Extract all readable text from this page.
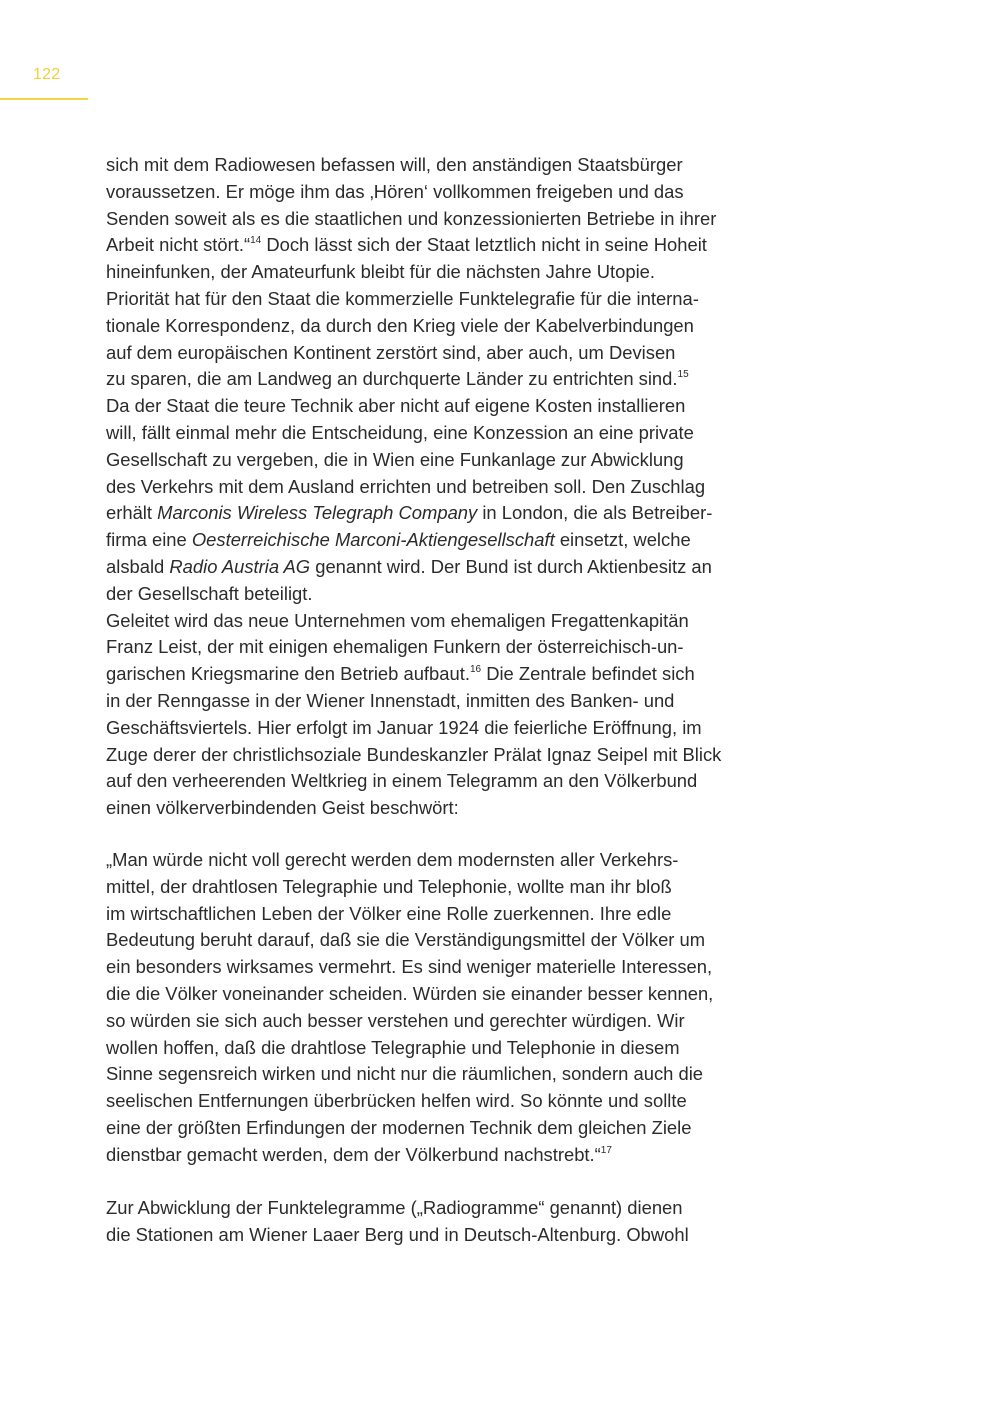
122
sich mit dem Radiowesen befassen will, den anständigen Staatsbürger
voraussetzen. Er möge ihm das ‚Hören‘ vollkommen freigeben und das
Senden soweit als es die staatlichen und konzessionierten Betriebe in ihrer
Arbeit nicht stört.“$^{14}$ Doch lässt sich der Staat letztlich nicht in seine Hoheit
hineinfunken, der Amateurfunk bleibt für die nächsten Jahre Utopie.
Priorität hat für den Staat die kommerzielle Funktelegrafie für die interna-
tionale Korrespondenz, da durch den Krieg viele der Kabelverbindungen
auf dem europäischen Kontinent zerstört sind, aber auch, um Devisen
zu sparen, die am Landweg an durchquerte Länder zu entrichten sind.$^{15}$
Da der Staat die teure Technik aber nicht auf eigene Kosten installieren
will, fällt einmal mehr die Entscheidung, eine Konzession an eine private
Gesellschaft zu vergeben, die in Wien eine Funkanlage zur Abwicklung
des Verkehrs mit dem Ausland errichten und betreiben soll. Den Zuschlag
erhält Marconis Wireless Telegraph Company in London, die als Betreiber-
firma eine Oesterreichische Marconi-Aktiengesellschaft einsetzt, welche
alsbald Radio Austria AG genannt wird. Der Bund ist durch Aktienbesitz an
der Gesellschaft beteiligt.
Geleitet wird das neue Unternehmen vom ehemaligen Fregattenkapitän
Franz Leist, der mit einigen ehemaligen Funkern der österreichisch-un-
garischen Kriegsmarine den Betrieb aufbaut.$^{16}$ Die Zentrale befindet sich
in der Renngasse in der Wiener Innenstadt, inmitten des Banken- und
Geschäftsviertels. Hier erfolgt im Januar 1924 die feierliche Eröffnung, im
Zuge derer der christlichsoziale Bundeskanzler Prälat Ignaz Seipel mit Blick
auf den verheerenden Weltkrieg in einem Telegramm an den Völkerbund
einen völkerverbindenden Geist beschwört:
„Man würde nicht voll gerecht werden dem modernsten aller Verkehrs-
mittel, der drahtlosen Telegraphie und Telephonie, wollte man ihr bloß
im wirtschaftlichen Leben der Völker eine Rolle zuerkennen. Ihre edle
Bedeutung beruht darauf, daß sie die Verständigungsmittel der Völker um
ein besonders wirksames vermehrt. Es sind weniger materielle Interessen,
die die Völker voneinander scheiden. Würden sie einander besser kennen,
so würden sie sich auch besser verstehen und gerechter würdigen. Wir
wollen hoffen, daß die drahtlose Telegraphie und Telephonie in diesem
Sinne segensreich wirken und nicht nur die räumlichen, sondern auch die
seelischen Entfernungen überbrücken helfen wird. So könnte und sollte
eine der größten Erfindungen der modernen Technik dem gleichen Ziele
dienstbar gemacht werden, dem der Völkerbund nachstrebt.“$^{17}$
Zur Abwicklung der Funktelegramme („Radiogramme“ genannt) dienen
die Stationen am Wiener Laaer Berg und in Deutsch-Altenburg. Obwohl
